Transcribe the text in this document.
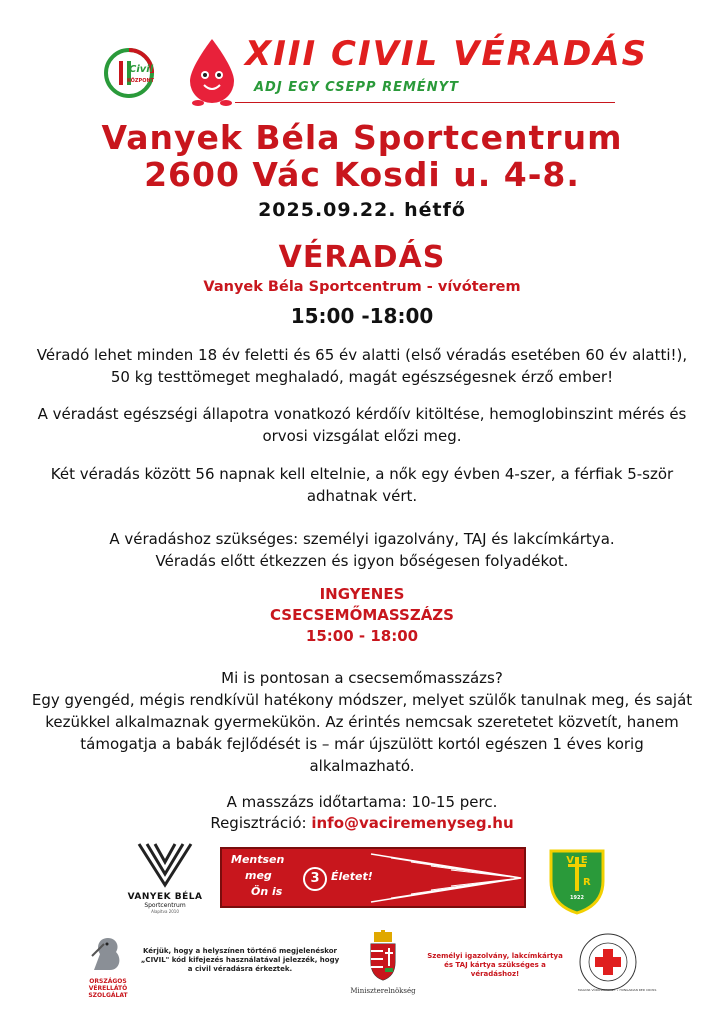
Civil
KÖZPONT
XIII CIVIL VÉRADÁS
ADJ EGY CSEPP REMÉNYT
Vanyek Béla Sportcentrum
2600 Vác Kosdi u. 4-8.
2025.09.22. hétfő
VÉRADÁS
Vanyek Béla Sportcentrum - vívóterem
15:00 -18:00
Véradó lehet minden 18 év feletti és 65 év alatti (első véradás esetében 60 év alatti!),
50 kg testtömeget meghaladó, magát egészségesnek érző ember!
A véradást egészségi állapotra vonatkozó kérdőív kitöltése, hemoglobinszint mérés és
orvosi vizsgálat előzi meg.
Két véradás között 56 napnak kell eltelnie, a nők egy évben 4-szer, a férfiak 5-ször
adhatnak vért.
A véradáshoz szükséges: személyi igazolvány, TAJ és lakcímkártya.
Véradás előtt étkezzen és igyon bőségesen folyadékot.
INGYENES
CSECSEMŐMASSZÁZS
15:00 - 18:00
Mi is pontosan a csecsemőmasszázs?
Egy gyengéd, mégis rendkívül hatékony módszer, melyet szülők tanulnak meg, és saját
kezükkel alkalmaznak gyermekükön. Az érintés nemcsak szeretetet közvetít, hanem
támogatja a babák fejlődését is – már újszülött kortól egészen 1 éves korig
alkalmazható.
A masszázs időtartama: 10-15 perc.
Regisztráció: info@vaciremenyseg.hu
VANYEK BÉLA
Sportcentrum
Alapítva 2010
Mentsen
meg
Ön is
3	Életet!
V  E
R
1922
ORSZÁGOS
VÉRELLÁTÓ
SZOLGÁLAT
Kérjük, hogy a helyszínen történő megjelenéskor
„CIVIL" kód kifejezés használatával jelezzék, hogy
a civil véradásra érkeztek.
Miniszterelnökség
Személyi igazolvány, lakcímkártya
és TAJ kártya szükséges a véradáshoz!
MAGYAR VÖRÖSKERESZT • HUNGARIAN RED CROSS
